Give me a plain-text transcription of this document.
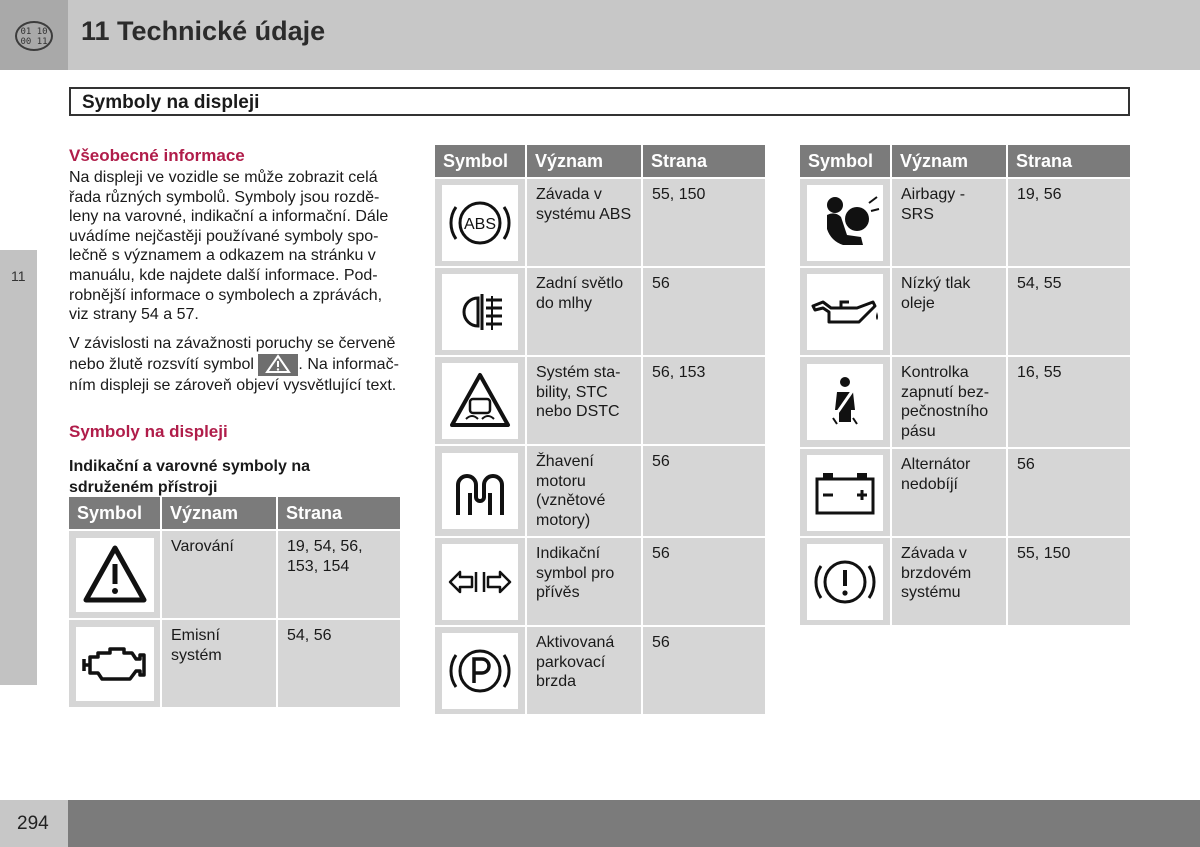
01 10
00 11 11 Technické údaje
11
Symboly na displeji
Všeobecné informace
Na displeji ve vozidle se může zobrazit celá řada různých symbolů. Symboly jsou rozdě-leny na varovné, indikační a informační. Dále uvádíme nejčastěji používané symboly spo-lečně s významem a odkazem na stránku v manuálu, kde najdete další informace. Pod-robnější informace o symbolech a zprávách, viz strany 54 a 57.
V závislosti na závažnosti poruchy se červeně nebo žlutě rozsvítí symbol	. Na informač-ním displeji se zároveň objeví vysvětlující text.
Symboly na displeji
Indikační a varovné symboly na sdruženém přístroji
Symbol	Význam	Strana

	Varování	19, 54, 56, 153, 154

	Emisní systém	54, 56
Symbol	Význam	Strana

ABS	Závada v systému ABS	55, 150

	Zadní světlo do mlhy	56

	Systém sta-bility, STC nebo DSTC	56, 153

	Žhavení motoru (vznětové motory)	56

	Indikační symbol pro přívěs	56

	Aktivovaná parkovací brzda	56
Symbol	Význam	Strana

	Airbagy - SRS	19, 56

	Nízký tlak oleje	54, 55

	Kontrolka zapnutí bez-pečnostního pásu	16, 55

	Alternátor nedobíjí	56

	Závada v brzdovém systému	55, 150
294
